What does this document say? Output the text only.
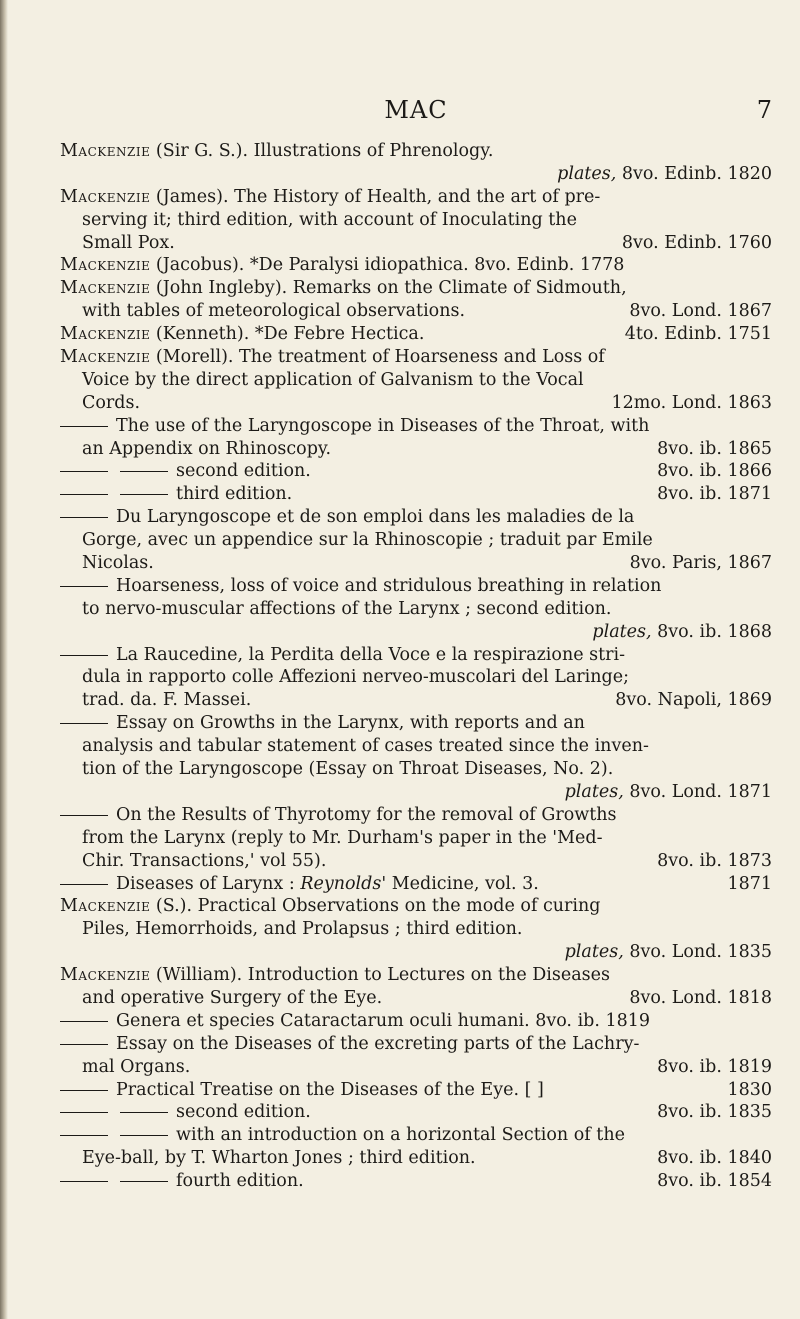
MAC	7
Mackenzie (Sir G. S.). Illustrations of Phrenology.
plates, 8vo. Edinb. 1820
Mackenzie (James). The History of Health, and the art of pre-
serving it; third edition, with account of Inoculating the
Small Pox.	8vo. Edinb. 1760
Mackenzie (Jacobus). *De Paralysi idiopathica. 8vo. Edinb. 1778
Mackenzie (John Ingleby). Remarks on the Climate of Sidmouth,
with tables of meteorological observations.	8vo. Lond. 1867
Mackenzie (Kenneth). *De Febre Hectica.	4to. Edinb. 1751
Mackenzie (Morell). The treatment of Hoarseness and Loss of
Voice by the direct application of Galvanism to the Vocal
Cords.	12mo. Lond. 1863
The use of the Laryngoscope in Diseases of the Throat, with
an Appendix on Rhinoscopy.	8vo. ib. 1865
second edition.	8vo. ib. 1866
third edition.	8vo. ib. 1871
Du Laryngoscope et de son emploi dans les maladies de la
Gorge, avec un appendice sur la Rhinoscopie ; traduit par Emile
Nicolas.	8vo. Paris, 1867
Hoarseness, loss of voice and stridulous breathing in relation
to nervo-muscular affections of the Larynx ; second edition.
plates, 8vo. ib. 1868
La Raucedine, la Perdita della Voce e la respirazione stri-
dula in rapporto colle Affezioni nerveo-muscolari del Laringe;
trad. da. F. Massei.	8vo. Napoli, 1869
Essay on Growths in the Larynx, with reports and an
analysis and tabular statement of cases treated since the inven-
tion of the Laryngoscope (Essay on Throat Diseases, No. 2).
plates, 8vo. Lond. 1871
On the Results of Thyrotomy for the removal of Growths
from the Larynx (reply to Mr. Durham's paper in the 'Med-
Chir. Transactions,' vol 55).	8vo. ib. 1873
Diseases of Larynx : Reynolds' Medicine, vol. 3.	1871
Mackenzie (S.). Practical Observations on the mode of curing
Piles, Hemorrhoids, and Prolapsus ; third edition.
plates, 8vo. Lond. 1835
Mackenzie (William). Introduction to Lectures on the Diseases
and operative Surgery of the Eye.	8vo. Lond. 1818
Genera et species Cataractarum oculi humani. 8vo. ib. 1819
Essay on the Diseases of the excreting parts of the Lachry-
mal Organs.	8vo. ib. 1819
Practical Treatise on the Diseases of the Eye. [ ]	1830
second edition.	8vo. ib. 1835
with an introduction on a horizontal Section of the
Eye-ball, by T. Wharton Jones ; third edition.	8vo. ib. 1840
fourth edition.	8vo. ib. 1854
